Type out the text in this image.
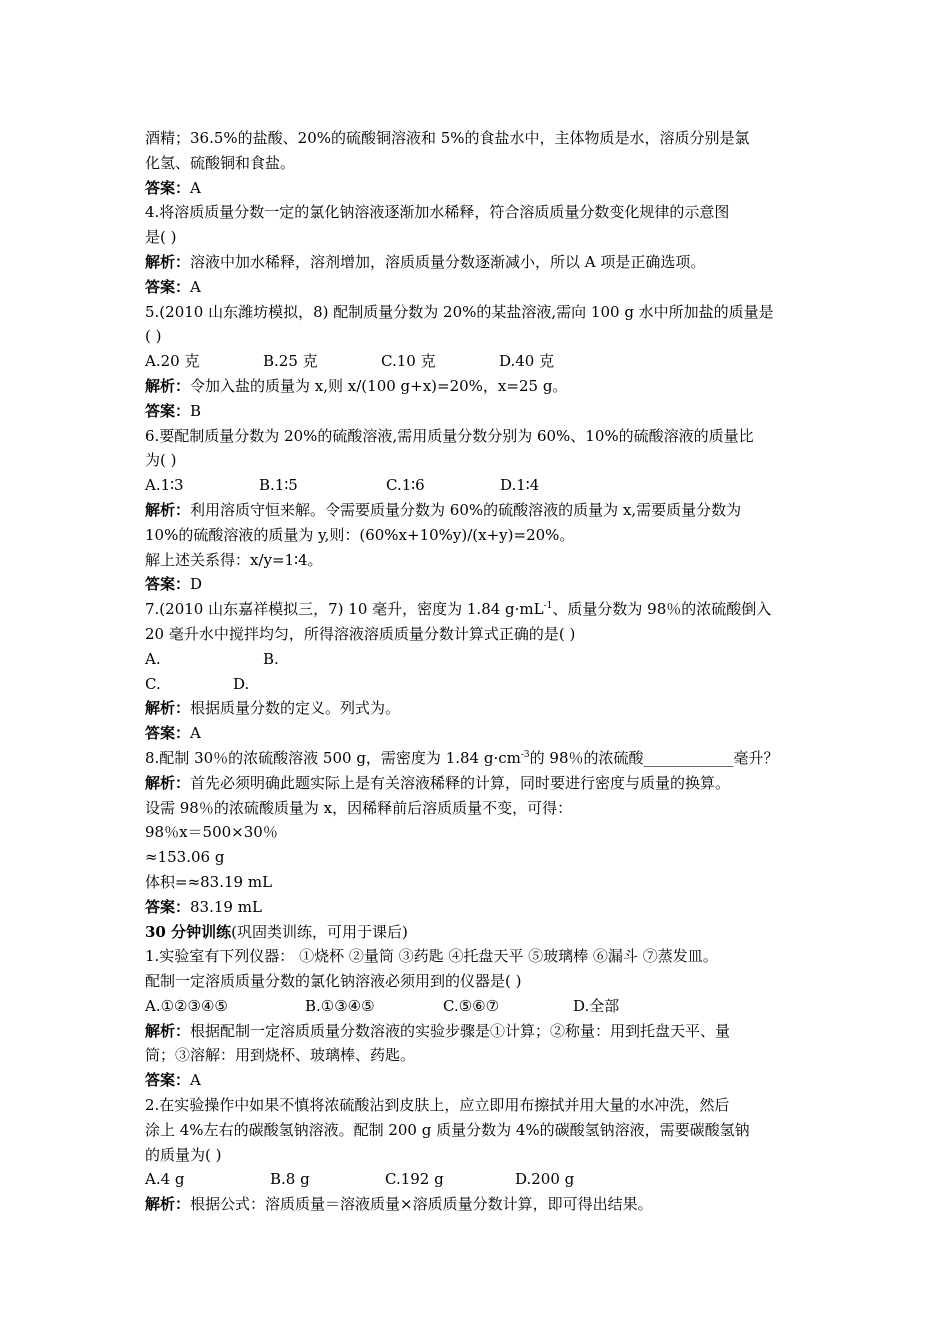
酒精；36.5%的盐酸、20%的硫酸铜溶液和 5%的食盐水中，主体物质是水，溶质分别是氯
化氢、硫酸铜和食盐。
答案：A
4.将溶质质量分数一定的氯化钠溶液逐渐加水稀释，符合溶质质量分数变化规律的示意图
是( )
解析：溶液中加水稀释，溶剂增加，溶质质量分数逐渐减小，所以 A 项是正确选项。
答案：A
5.(2010 山东潍坊模拟，8) 配制质量分数为 20%的某盐溶液,需向 100 g 水中所加盐的质量是
( )
A.20 克	B.25 克	C.10 克	D.40 克
解析：令加入盐的质量为 x,则 x/(100 g+x)=20%，x=25 g。
答案：B
6.要配制质量分数为 20%的硫酸溶液,需用质量分数分别为 60%、10%的硫酸溶液的质量比
为( )
A.1∶3	B.1∶5	C.1∶6	D.1∶4
解析：利用溶质守恒来解。令需要质量分数为 60%的硫酸溶液的质量为 x,需要质量分数为
10%的硫酸溶液的质量为 y,则：(60%x+10%y)/(x+y)=20%。
解上述关系得：x/y=1∶4。
答案：D
7.(2010 山东嘉祥模拟三，7) 10 毫升，密度为 1.84 $g\cdot mL^{-1}$、质量分数为 98％的浓硫酸倒入
20 毫升水中搅拌均匀，所得溶液溶质质量分数计算式正确的是( )
A.	B.
C.	D.
解析：根据质量分数的定义。列式为。
答案：A
8.配制 30％的浓硫酸溶液 500 g，需密度为 1.84 $g\cdot cm^{-3}$的 98％的浓硫酸____________毫升？
解析：首先必须明确此题实际上是有关溶液稀释的计算，同时要进行密度与质量的换算。
设需 98％的浓硫酸质量为 x，因稀释前后溶质质量不变，可得：
98％x＝500×30％
≈153.06 g
体积=≈83.19 mL
答案：83.19 mL
30 分钟训练(巩固类训练，可用于课后)
1.实验室有下列仪器： ①烧杯 ②量筒 ③药匙 ④托盘天平 ⑤玻璃棒 ⑥漏斗 ⑦蒸发皿。
配制一定溶质质量分数的氯化钠溶液必须用到的仪器是( )
A.①②③④⑤	B.①③④⑤	C.⑤⑥⑦	D.全部
解析：根据配制一定溶质质量分数溶液的实验步骤是①计算；②称量：用到托盘天平、量
筒；③溶解：用到烧杯、玻璃棒、药匙。
答案：A
2.在实验操作中如果不慎将浓硫酸沾到皮肤上，应立即用布擦拭并用大量的水冲洗，然后
涂上 4%左右的碳酸氢钠溶液。配制 200 g 质量分数为 4%的碳酸氢钠溶液，需要碳酸氢钠
的质量为( )
A.4 g	B.8 g	C.192 g	D.200 g
解析：根据公式：溶质质量＝溶液质量×溶质质量分数计算，即可得出结果。
